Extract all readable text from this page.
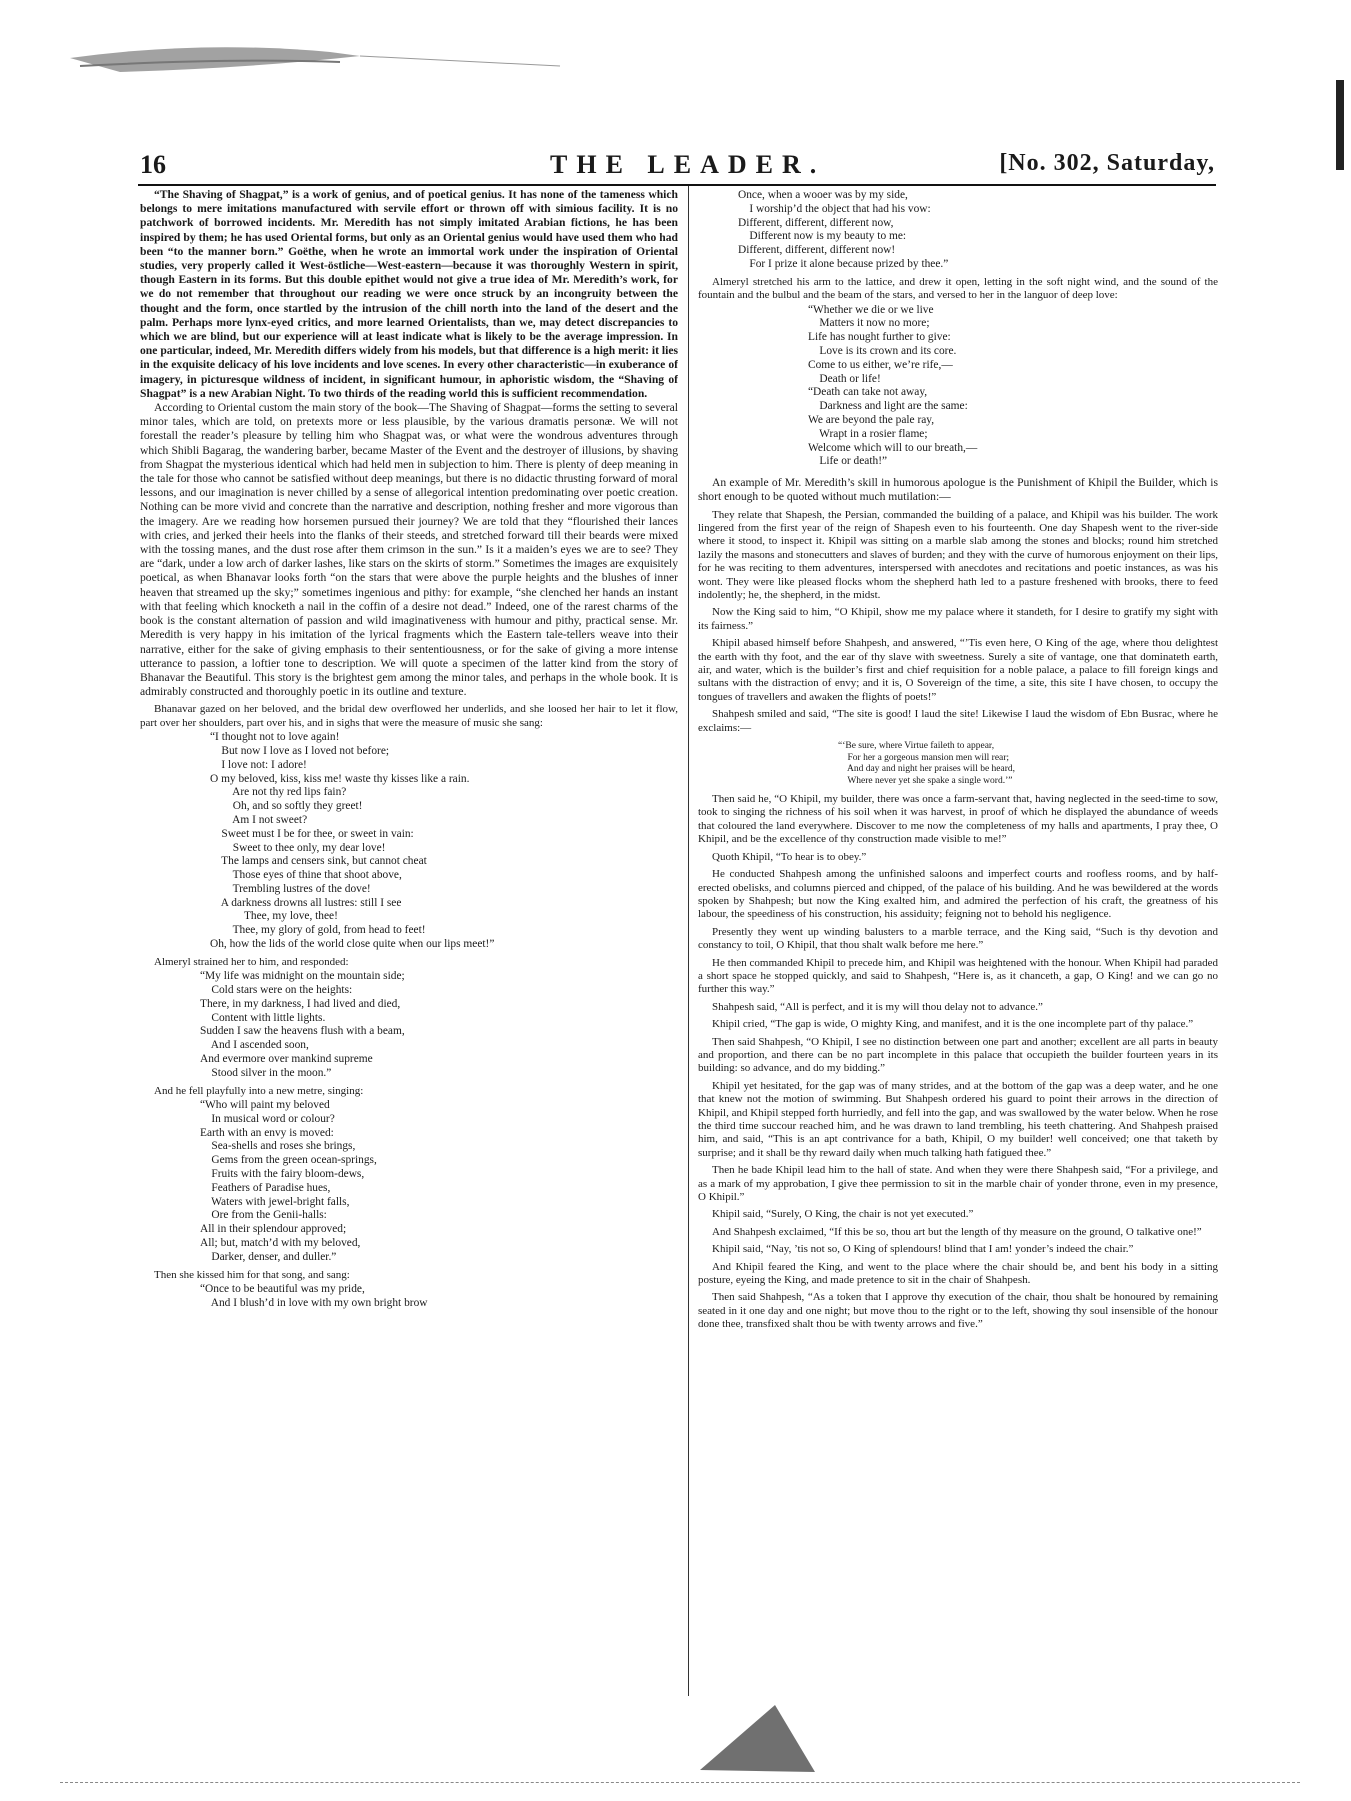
16	THE LEADER.	[No. 302, Saturday,

“The Shaving of Shagpat,” is a work of genius, and of poetical genius. It has none of the tameness which belongs to mere imitations manufactured with servile effort or thrown off with simious facility. It is no patchwork of borrowed incidents. Mr. Meredith has not simply imitated Arabian fictions, he has been inspired by them; he has used Oriental forms, but only as an Oriental genius would have used them who had been “to the manner born.” Goëthe, when he wrote an immortal work under the inspiration of Oriental studies, very properly called it West-östliche—West-eastern—because it was thoroughly Western in spirit, though Eastern in its forms. But this double epithet would not give a true idea of Mr. Meredith’s work, for we do not remember that throughout our reading we were once struck by an incongruity between the thought and the form, once startled by the intrusion of the chill north into the land of the desert and the palm. Perhaps more lynx-eyed critics, and more learned Orientalists, than we, may detect discrepancies to which we are blind, but our experience will at least indicate what is likely to be the average impression. In one particular, indeed, Mr. Meredith differs widely from his models, but that difference is a high merit: it lies in the exquisite delicacy of his love incidents and love scenes. In every other characteristic—in exuberance of imagery, in picturesque wildness of incident, in significant humour, in aphoristic wisdom, the “Shaving of Shagpat” is a new Arabian Night. To two thirds of the reading world this is sufficient recommendation.

According to Oriental custom the main story of the book—The Shaving of Shagpat—forms the setting to several minor tales, which are told, on pretexts more or less plausible, by the various dramatis personæ. We will not forestall the reader’s pleasure by telling him who Shagpat was, or what were the wondrous adventures through which Shibli Bagarag, the wandering barber, became Master of the Event and the destroyer of illusions, by shaving from Shagpat the mysterious identical which had held men in subjection to him. There is plenty of deep meaning in the tale for those who cannot be satisfied without deep meanings, but there is no didactic thrusting forward of moral lessons, and our imagination is never chilled by a sense of allegorical intention predominating over poetic creation. Nothing can be more vivid and concrete than the narrative and description, nothing fresher and more vigorous than the imagery. Are we reading how horsemen pursued their journey? We are told that they “flourished their lances with cries, and jerked their heels into the flanks of their steeds, and stretched forward till their beards were mixed with the tossing manes, and the dust rose after them crimson in the sun.” Is it a maiden’s eyes we are to see? They are “dark, under a low arch of darker lashes, like stars on the skirts of storm.” Sometimes the images are exquisitely poetical, as when Bhanavar looks forth “on the stars that were above the purple heights and the blushes of inner heaven that streamed up the sky;” sometimes ingenious and pithy: for example, “she clenched her hands an instant with that feeling which knocketh a nail in the coffin of a desire not dead.” Indeed, one of the rarest charms of the book is the constant alternation of passion and wild imaginativeness with humour and pithy, practical sense. Mr. Meredith is very happy in his imitation of the lyrical fragments which the Eastern tale-tellers weave into their narrative, either for the sake of giving emphasis to their sententiousness, or for the sake of giving a more intense utterance to passion, a loftier tone to description. We will quote a specimen of the latter kind from the story of Bhanavar the Beautiful. This story is the brightest gem among the minor tales, and perhaps in the whole book. It is admirably constructed and thoroughly poetic in its outline and texture.

Bhanavar gazed on her beloved, and the bridal dew overflowed her underlids, and she loosed her hair to let it flow, part over her shoulders, part over his, and in sighs that were the measure of music she sang:

“I thought not to love again!
But now I love as I loved not before;
I love not: I adore!
O my beloved, kiss, kiss me! waste thy kisses like a rain.
Are not thy red lips fain?
Oh, and so softly they greet!
Am I not sweet?
Sweet must I be for thee, or sweet in vain:
Sweet to thee only, my dear love!
The lamps and censers sink, but cannot cheat
Those eyes of thine that shoot above,
Trembling lustres of the dove!
A darkness drowns all lustres: still I see
Thee, my love, thee!
Thee, my glory of gold, from head to feet!
Oh, how the lids of the world close quite when our lips meet!”

Almeryl strained her to him, and responded:

“My life was midnight on the mountain side;
Cold stars were on the heights:
There, in my darkness, I had lived and died,
Content with little lights.
Sudden I saw the heavens flush with a beam,
And I ascended soon,
And evermore over mankind supreme
Stood silver in the moon.”

And he fell playfully into a new metre, singing:

“Who will paint my beloved
In musical word or colour?
Earth with an envy is moved:
Sea-shells and roses she brings,
Gems from the green ocean-springs,
Fruits with the fairy bloom-dews,
Feathers of Paradise hues,
Waters with jewel-bright falls,
Ore from the Genii-halls:
All in their splendour approved;
All; but, match’d with my beloved,
Darker, denser, and duller.”

Then she kissed him for that song, and sang:

“Once to be beautiful was my pride,
And I blush’d in love with my own bright brow
Once, when a wooer was by my side,
I worship’d the object that had his vow:
Different, different, different now,
Different now is my beauty to me:
Different, different, different now!
For I prize it alone because prized by thee.”

Almeryl stretched his arm to the lattice, and drew it open, letting in the soft night wind, and the sound of the fountain and the bulbul and the beam of the stars, and versed to her in the languor of deep love:

“Whether we die or we live
Matters it now no more;
Life has nought further to give:
Love is its crown and its core.
Come to us either, we’re rife,—
Death or life!
“Death can take not away,
Darkness and light are the same:
We are beyond the pale ray,
Wrapt in a rosier flame;
Welcome which will to our breath,—
Life or death!”

An example of Mr. Meredith’s skill in humorous apologue is the Punishment of Khipil the Builder, which is short enough to be quoted without much mutilation:—

They relate that Shapesh, the Persian, commanded the building of a palace, and Khipil was his builder. The work lingered from the first year of the reign of Shapesh even to his fourteenth. One day Shapesh went to the river-side where it stood, to inspect it. Khipil was sitting on a marble slab among the stones and blocks; round him stretched lazily the masons and stonecutters and slaves of burden; and they with the curve of humorous enjoyment on their lips, for he was reciting to them adventures, interspersed with anecdotes and recitations and poetic instances, as was his wont. They were like pleased flocks whom the shepherd hath led to a pasture freshened with brooks, there to feed indolently; he, the shepherd, in the midst.

Now the King said to him, “O Khipil, show me my palace where it standeth, for I desire to gratify my sight with its fairness.”

Khipil abased himself before Shahpesh, and answered, “’Tis even here, O King of the age, where thou delightest the earth with thy foot, and the ear of thy slave with sweetness. Surely a site of vantage, one that dominateth earth, air, and water, which is the builder’s first and chief requisition for a noble palace, a palace to fill foreign kings and sultans with the distraction of envy; and it is, O Sovereign of the time, a site, this site I have chosen, to occupy the tongues of travellers and awaken the flights of poets!”

Shahpesh smiled and said, “The site is good! I laud the site! Likewise I laud the wisdom of Ebn Busrac, where he exclaims:—

“‘Be sure, where Virtue faileth to appear,
For her a gorgeous mansion men will rear;
And day and night her praises will be heard,
Where never yet she spake a single word.’”

Then said he, “O Khipil, my builder, there was once a farm-servant that, having neglected in the seed-time to sow, took to singing the richness of his soil when it was harvest, in proof of which he displayed the abundance of weeds that coloured the land everywhere. Discover to me now the completeness of my halls and apartments, I pray thee, O Khipil, and be the excellence of thy construction made visible to me!”

Quoth Khipil, “To hear is to obey.”

He conducted Shahpesh among the unfinished saloons and imperfect courts and roofless rooms, and by half-erected obelisks, and columns pierced and chipped, of the palace of his building. And he was bewildered at the words spoken by Shahpesh; but now the King exalted him, and admired the perfection of his craft, the greatness of his labour, the speediness of his construction, his assiduity; feigning not to behold his negligence.

Presently they went up winding balusters to a marble terrace, and the King said, “Such is thy devotion and constancy to toil, O Khipil, that thou shalt walk before me here.”

He then commanded Khipil to precede him, and Khipil was heightened with the honour. When Khipil had paraded a short space he stopped quickly, and said to Shahpesh, “Here is, as it chanceth, a gap, O King! and we can go no further this way.”

Shahpesh said, “All is perfect, and it is my will thou delay not to advance.”

Khipil cried, “The gap is wide, O mighty King, and manifest, and it is the one incomplete part of thy palace.”

Then said Shahpesh, “O Khipil, I see no distinction between one part and another; excellent are all parts in beauty and proportion, and there can be no part incomplete in this palace that occupieth the builder fourteen years in its building: so advance, and do my bidding.”

Khipil yet hesitated, for the gap was of many strides, and at the bottom of the gap was a deep water, and he one that knew not the motion of swimming. But Shahpesh ordered his guard to point their arrows in the direction of Khipil, and Khipil stepped forth hurriedly, and fell into the gap, and was swallowed by the water below. When he rose the third time succour reached him, and he was drawn to land trembling, his teeth chattering. And Shahpesh praised him, and said, “This is an apt contrivance for a bath, Khipil, O my builder! well conceived; one that taketh by surprise; and it shall be thy reward daily when much talking hath fatigued thee.”

Then he bade Khipil lead him to the hall of state. And when they were there Shahpesh said, “For a privilege, and as a mark of my approbation, I give thee permission to sit in the marble chair of yonder throne, even in my presence, O Khipil.”

Khipil said, “Surely, O King, the chair is not yet executed.”

And Shahpesh exclaimed, “If this be so, thou art but the length of thy measure on the ground, O talkative one!”

Khipil said, “Nay, ’tis not so, O King of splendours! blind that I am! yonder’s indeed the chair.”

And Khipil feared the King, and went to the place where the chair should be, and bent his body in a sitting posture, eyeing the King, and made pretence to sit in the chair of Shahpesh.

Then said Shahpesh, “As a token that I approve thy execution of the chair, thou shalt be honoured by remaining seated in it one day and one night; but move thou to the right or to the left, showing thy soul insensible of the honour done thee, transfixed shalt thou be with twenty arrows and five.”
